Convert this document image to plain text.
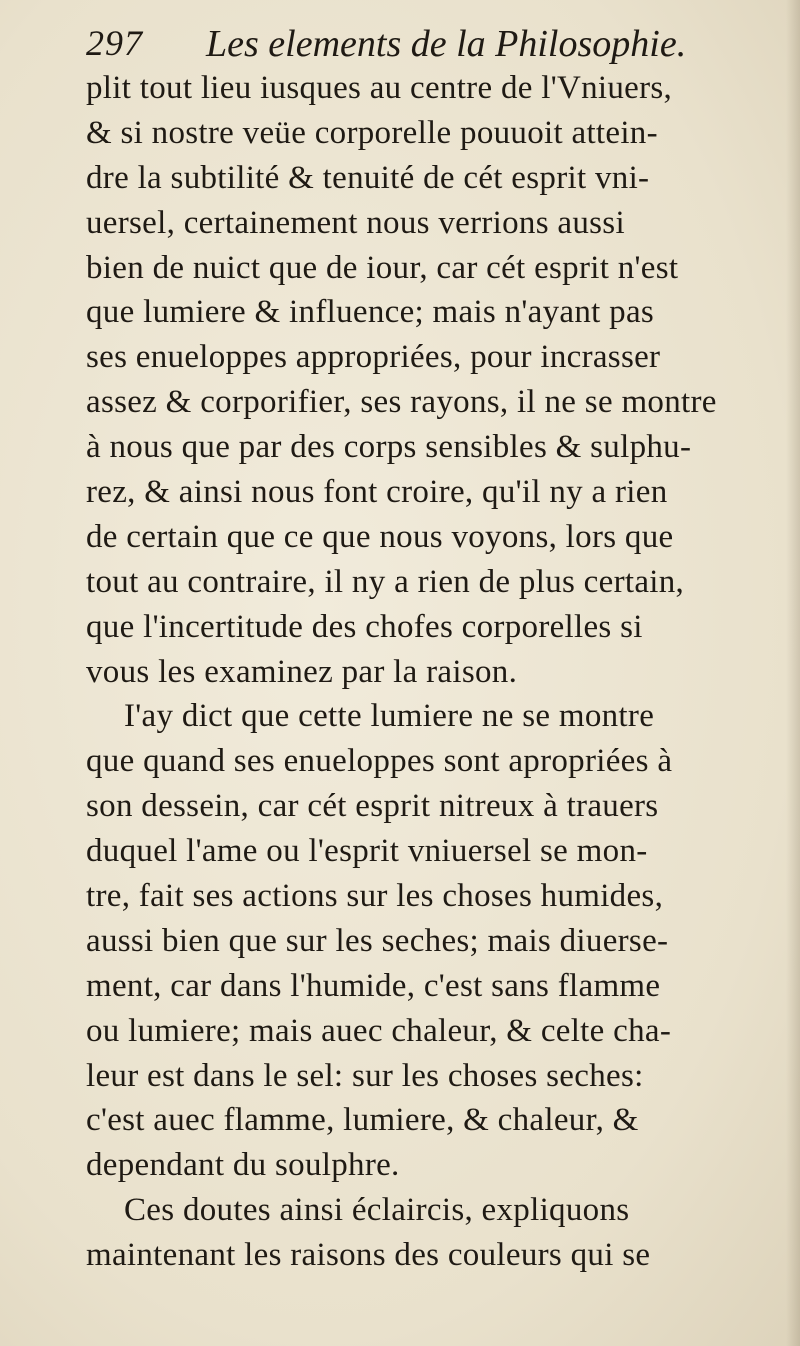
297 Les elements de la Philosophie.
plit tout lieu iusques au centre de l'Vniuers,
& si nostre veüe corporelle pouuoit attein-
dre la subtilité & tenuité de cét esprit vni-
uersel, certainement nous verrions aussi
bien de nuict que de iour, car cét esprit n'est
que lumiere & influence; mais n'ayant pas
ses enueloppes appropriées, pour incrasser
assez & corporifier, ses rayons, il ne se montre
à nous que par des corps sensibles & sulphu-
rez, & ainsi nous font croire, qu'il ny a rien
de certain que ce que nous voyons, lors que
tout au contraire, il ny a rien de plus certain,
que l'incertitude des chofes corporelles si
vous les examinez par la raison.
I'ay dict que cette lumiere ne se montre
que quand ses enueloppes sont apropriées à
son dessein, car cét esprit nitreux à trauers
duquel l'ame ou l'esprit vniuersel se mon-
tre, fait ses actions sur les choses humides,
aussi bien que sur les seches; mais diuerse-
ment, car dans l'humide, c'est sans flamme
ou lumiere; mais auec chaleur, & celte cha-
leur est dans le sel: sur les choses seches:
c'est auec flamme, lumiere, & chaleur, &
dependant du soulphre.
Ces doutes ainsi éclaircis, expliquons
maintenant les raisons des couleurs qui se
